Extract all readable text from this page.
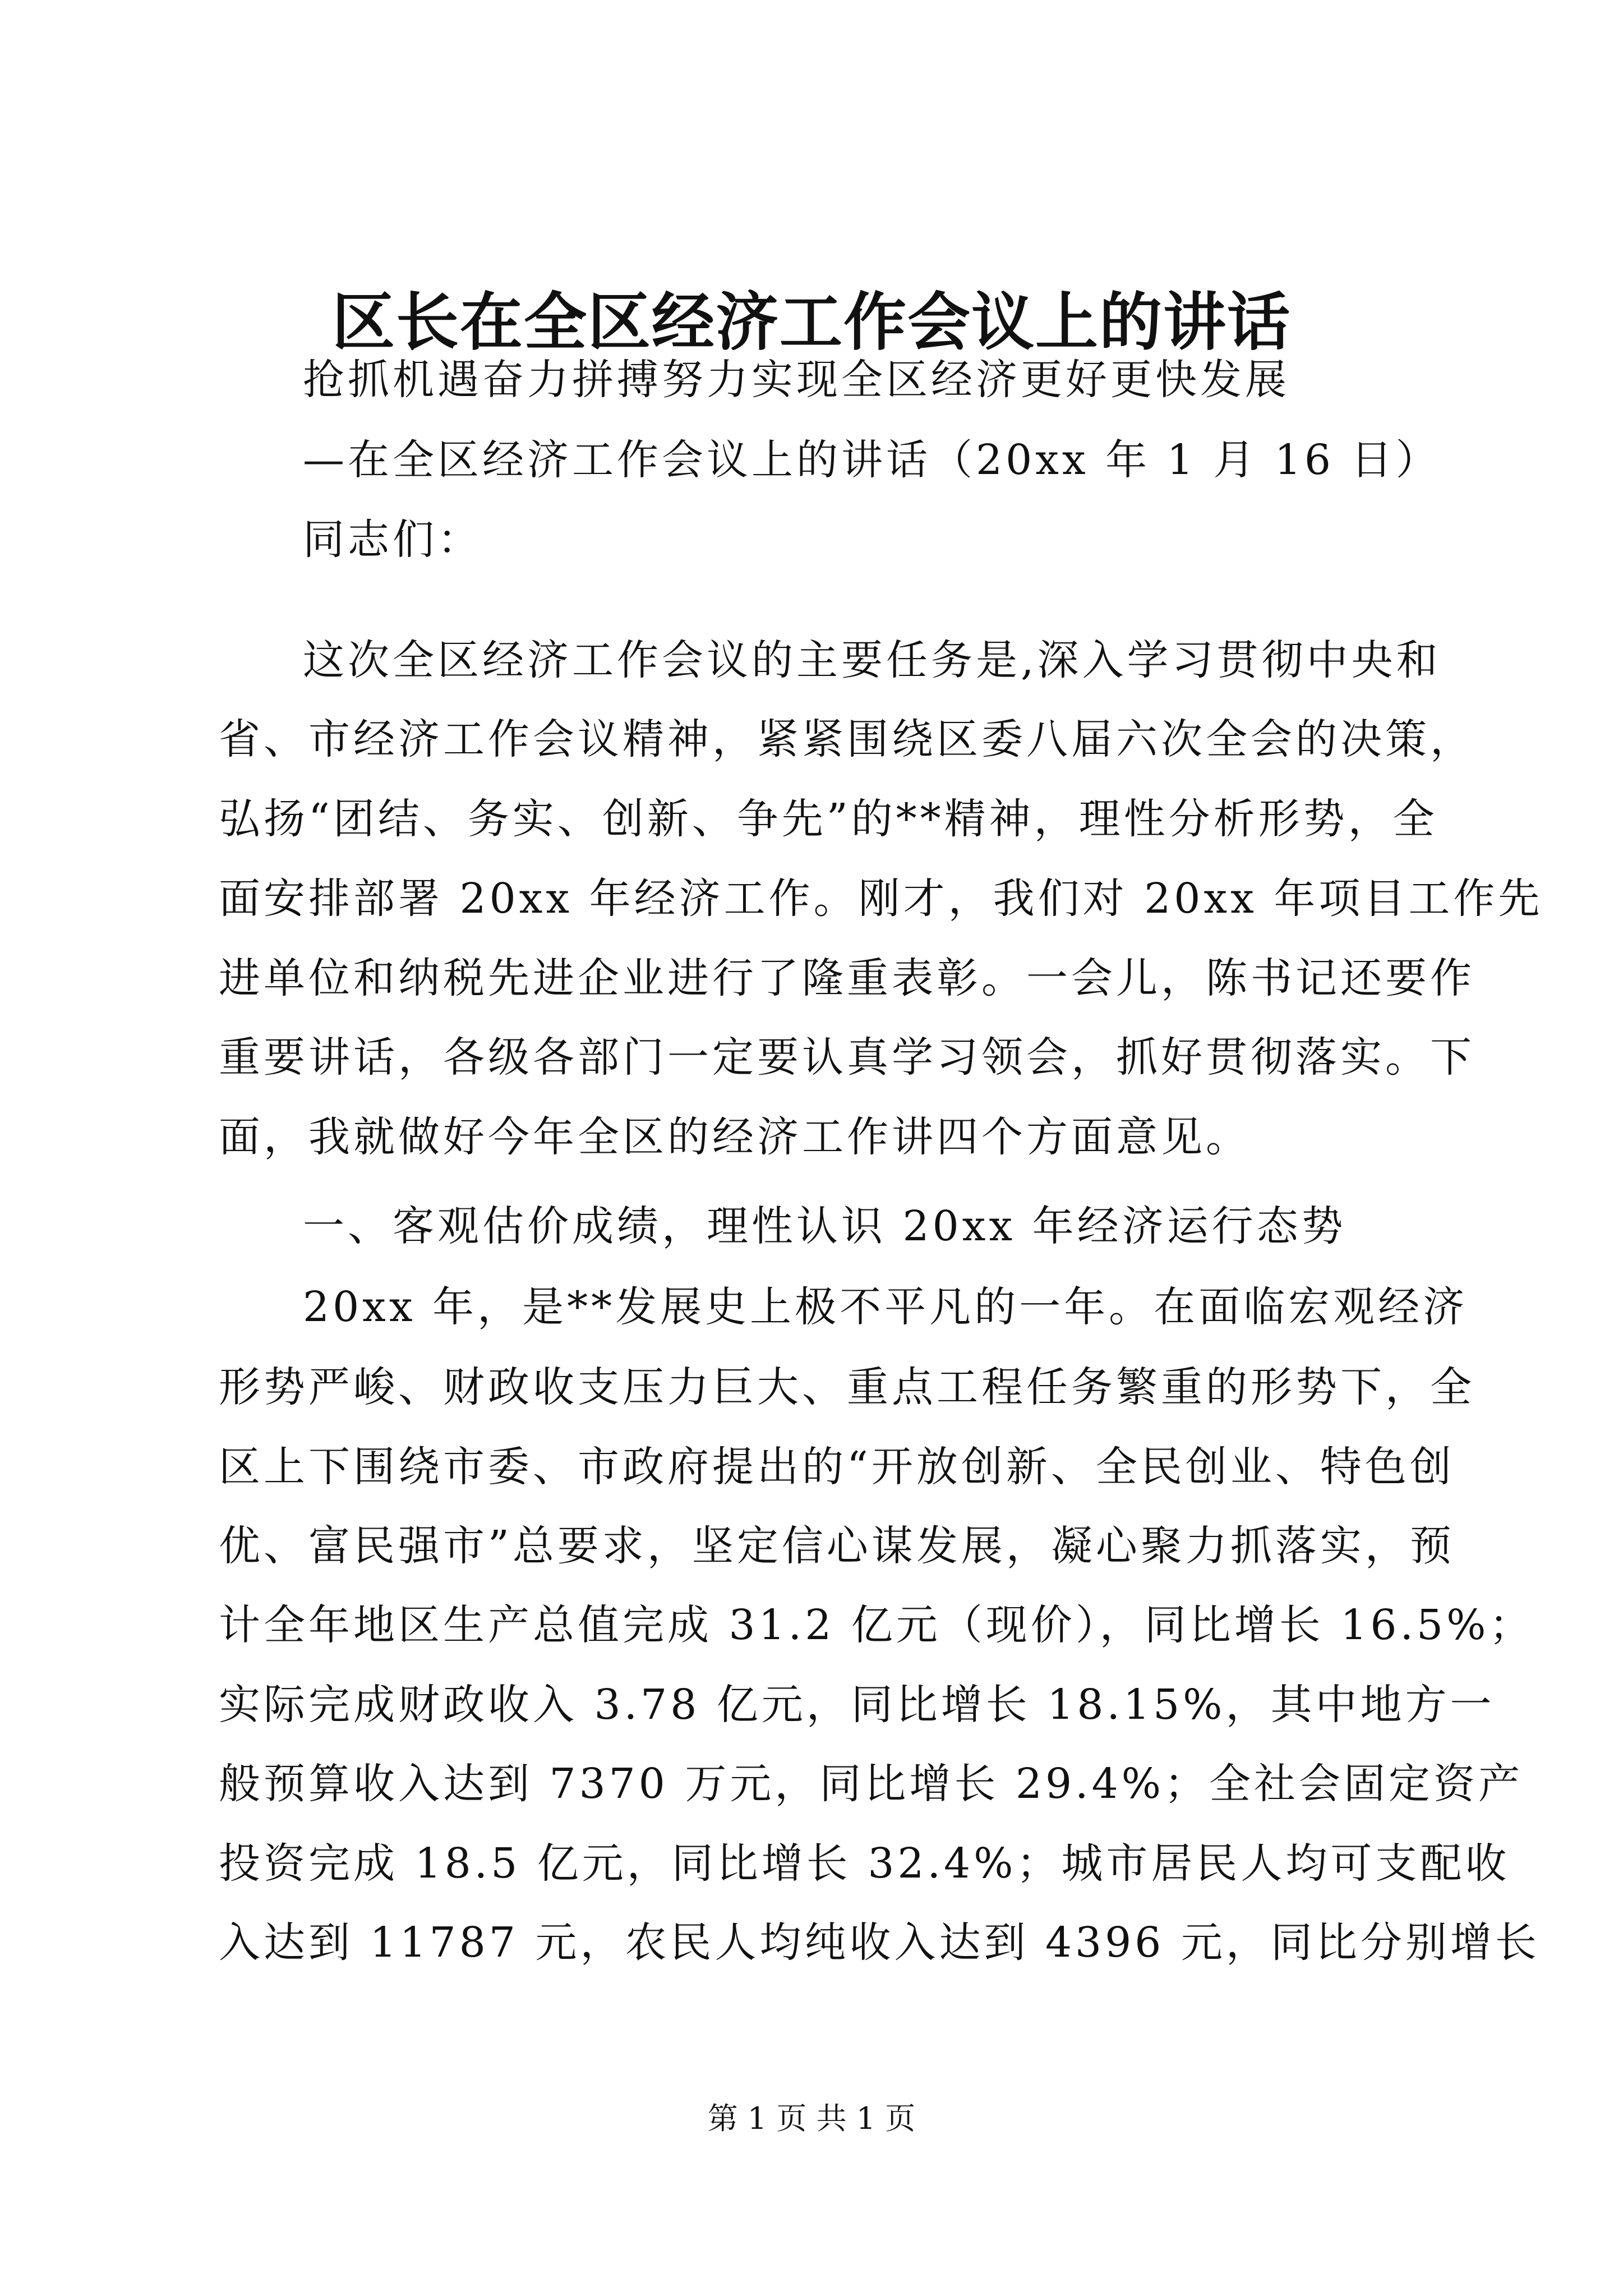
区长在全区经济工作会议上的讲话
抢抓机遇奋力拼搏努力实现全区经济更好更快发展
—在全区经济工作会议上的讲话（20xx 年 1 月 16 日）
同志们：
这次全区经济工作会议的主要任务是,深入学习贯彻中央和
省、市经济工作会议精神，紧紧围绕区委八届六次全会的决策，
弘扬“团结、务实、创新、争先”的**精神，理性分析形势，全
面安排部署 20xx 年经济工作。刚才，我们对 20xx 年项目工作先
进单位和纳税先进企业进行了隆重表彰。一会儿，陈书记还要作
重要讲话，各级各部门一定要认真学习领会，抓好贯彻落实。下
面，我就做好今年全区的经济工作讲四个方面意见。
一、客观估价成绩，理性认识 20xx 年经济运行态势
20xx 年，是**发展史上极不平凡的一年。在面临宏观经济
形势严峻、财政收支压力巨大、重点工程任务繁重的形势下，全
区上下围绕市委、市政府提出的“开放创新、全民创业、特色创
优、富民强市”总要求，坚定信心谋发展，凝心聚力抓落实，预
计全年地区生产总值完成 31.2 亿元（现价），同比增长 16.5%；
实际完成财政收入 3.78 亿元，同比增长 18.15%，其中地方一
般预算收入达到 7370 万元，同比增长 29.4%；全社会固定资产
投资完成 18.5 亿元，同比增长 32.4%；城市居民人均可支配收
入达到 11787 元，农民人均纯收入达到 4396 元，同比分别增长
第 1 页 共 1 页
